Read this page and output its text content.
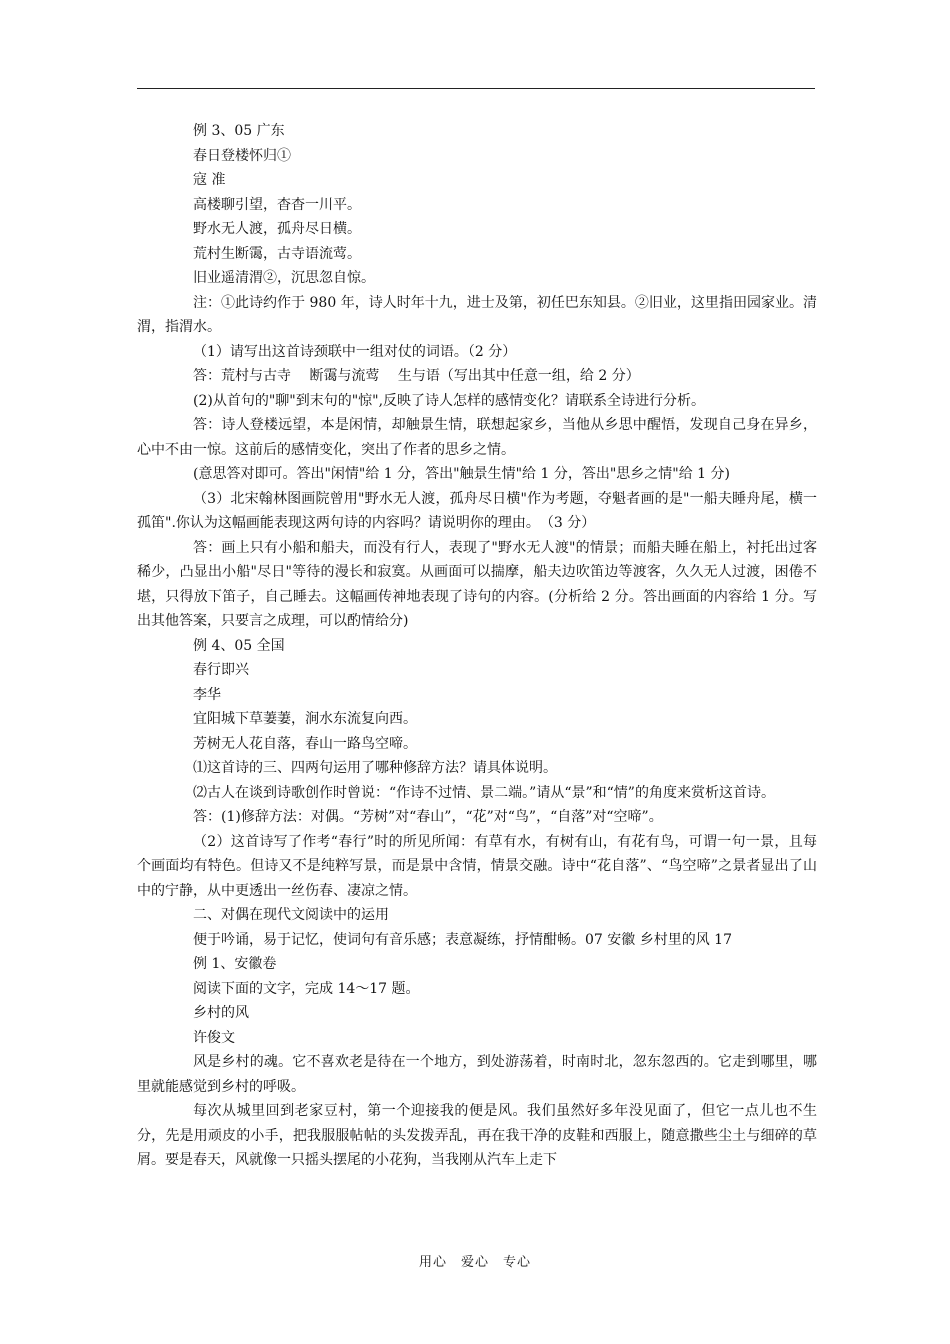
例 3、05 广东

春日登楼怀归①

寇 准

高楼聊引望，杳杳一川平。

野水无人渡，孤舟尽日横。

荒村生断霭，古寺语流莺。

旧业遥清渭②，沉思忽自惊。

注：①此诗约作于 980 年，诗人时年十九，进士及第，初任巴东知县。②旧业，这里指田园家业。清渭，指渭水。

（1）请写出这首诗颈联中一组对仗的词语。（2 分）

答：荒村与古寺　 断霭与流莺　 生与语（写出其中任意一组，给 2 分）

(2)从首句的"聊"到末句的"惊",反映了诗人怎样的感情变化？请联系全诗进行分析。

答：诗人登楼远望，本是闲情，却触景生情，联想起家乡，当他从乡思中醒悟，发现自己身在异乡，心中不由一惊。这前后的感情变化，突出了作者的思乡之情。

(意思答对即可。答出"闲情"给 1 分，答出"触景生情"给 1 分，答出"思乡之情"给 1 分)

（3）北宋翰林图画院曾用"野水无人渡，孤舟尽日横"作为考题，夺魁者画的是"一船夫睡舟尾，横一孤笛".你认为这幅画能表现这两句诗的内容吗？请说明你的理由。　（3 分）

答：画上只有小船和船夫，而没有行人，表现了"野水无人渡"的情景；而船夫睡在船上，衬托出过客稀少，凸显出小船"尽日"等待的漫长和寂寞。从画面可以揣摩，船夫边吹笛边等渡客，久久无人过渡，困倦不堪，只得放下笛子，自己睡去。这幅画传神地表现了诗句的内容。(分析给 2 分。答出画面的内容给 1 分。写出其他答案，只要言之成理，可以酌情给分)

例 4、05 全国

春行即兴

李华

宜阳城下草萋萋，涧水东流复向西。

芳树无人花自落，春山一路鸟空啼。

⑴这首诗的三、四两句运用了哪种修辞方法？请具体说明。

⑵古人在谈到诗歌创作时曾说：“作诗不过情、景二端。”请从“景”和“情”的角度来赏析这首诗。

答：(1)修辞方法：对偶。“芳树”对“春山”，“花”对“鸟”，“自落”对“空啼”。

（2）这首诗写了作考“春行”时的所见所闻：有草有水，有树有山，有花有鸟，可谓一句一景，且每个画面均有特色。但诗又不是纯粹写景，而是景中含情，情景交融。诗中“花自落”、“鸟空啼”之景者显出了山中的宁静，从中更透出一丝伤春、凄凉之情。

二、对偶在现代文阅读中的运用

便于吟诵，易于记忆，使词句有音乐感；表意凝练，抒情酣畅。07 安徽 乡村里的风 17

例 1、安徽卷

阅读下面的文字，完成 14～17 题。

乡村的风

许俊文

风是乡村的魂。它不喜欢老是待在一个地方，到处游荡着，时南时北，忽东忽西的。它走到哪里，哪里就能感觉到乡村的呼吸。

每次从城里回到老家豆村，第一个迎接我的便是风。我们虽然好多年没见面了，但它一点儿也不生分，先是用顽皮的小手，把我服服帖帖的头发拨弄乱，再在我干净的皮鞋和西服上，随意撒些尘土与细碎的草屑。要是春天，风就像一只摇头摆尾的小花狗，当我刚从汽车上走下

用心　爱心　专心
